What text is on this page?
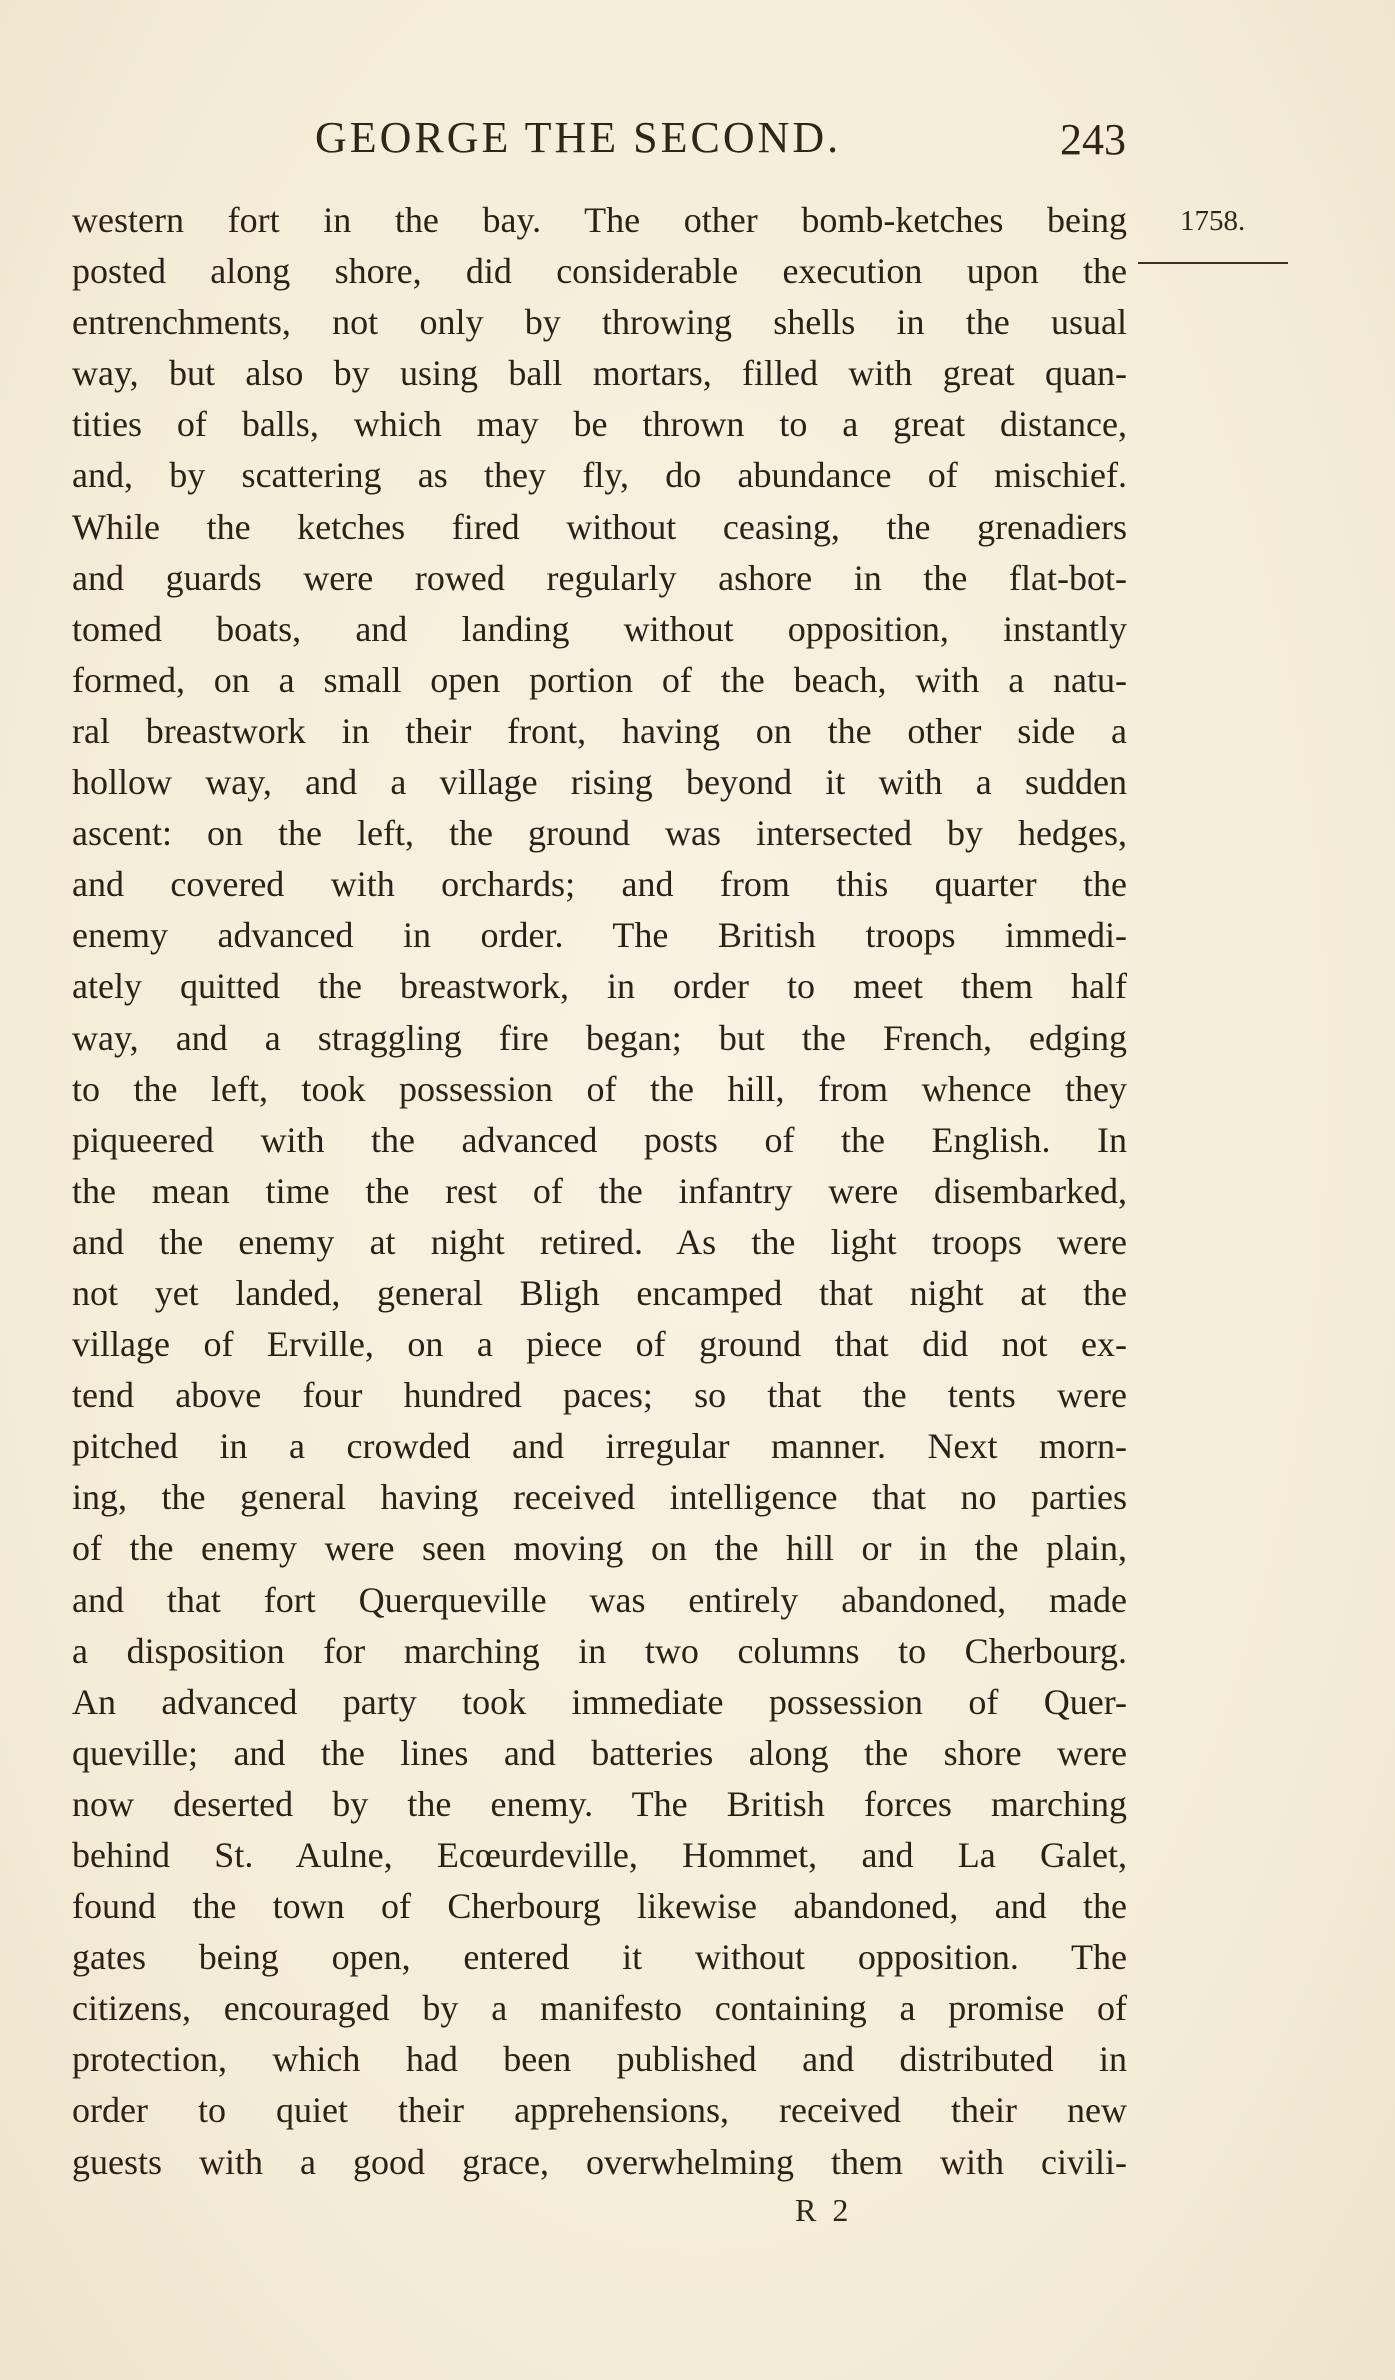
GEORGE THE SECOND.	243
1758.
western fort in the bay. The other bomb-ketches being
posted along shore, did considerable execution upon the
entrenchments, not only by throwing shells in the usual
way, but also by using ball mortars, filled with great quan-
tities of balls, which may be thrown to a great distance,
and, by scattering as they fly, do abundance of mischief.
While the ketches fired without ceasing, the grenadiers
and guards were rowed regularly ashore in the flat-bot-
tomed boats, and landing without opposition, instantly
formed, on a small open portion of the beach, with a natu-
ral breastwork in their front, having on the other side a
hollow way, and a village rising beyond it with a sudden
ascent: on the left, the ground was intersected by hedges,
and covered with orchards; and from this quarter the
enemy advanced in order. The British troops immedi-
ately quitted the breastwork, in order to meet them half
way, and a straggling fire began; but the French, edging
to the left, took possession of the hill, from whence they
piqueered with the advanced posts of the English. In
the mean time the rest of the infantry were disembarked,
and the enemy at night retired. As the light troops were
not yet landed, general Bligh encamped that night at the
village of Erville, on a piece of ground that did not ex-
tend above four hundred paces; so that the tents were
pitched in a crowded and irregular manner. Next morn-
ing, the general having received intelligence that no parties
of the enemy were seen moving on the hill or in the plain,
and that fort Querqueville was entirely abandoned, made
a disposition for marching in two columns to Cherbourg.
An advanced party took immediate possession of Quer-
queville; and the lines and batteries along the shore were
now deserted by the enemy. The British forces marching
behind St. Aulne, Ecœurdeville, Hommet, and La Galet,
found the town of Cherbourg likewise abandoned, and the
gates being open, entered it without opposition. The
citizens, encouraged by a manifesto containing a promise of
protection, which had been published and distributed in
order to quiet their apprehensions, received their new
guests with a good grace, overwhelming them with civili-
R 2
